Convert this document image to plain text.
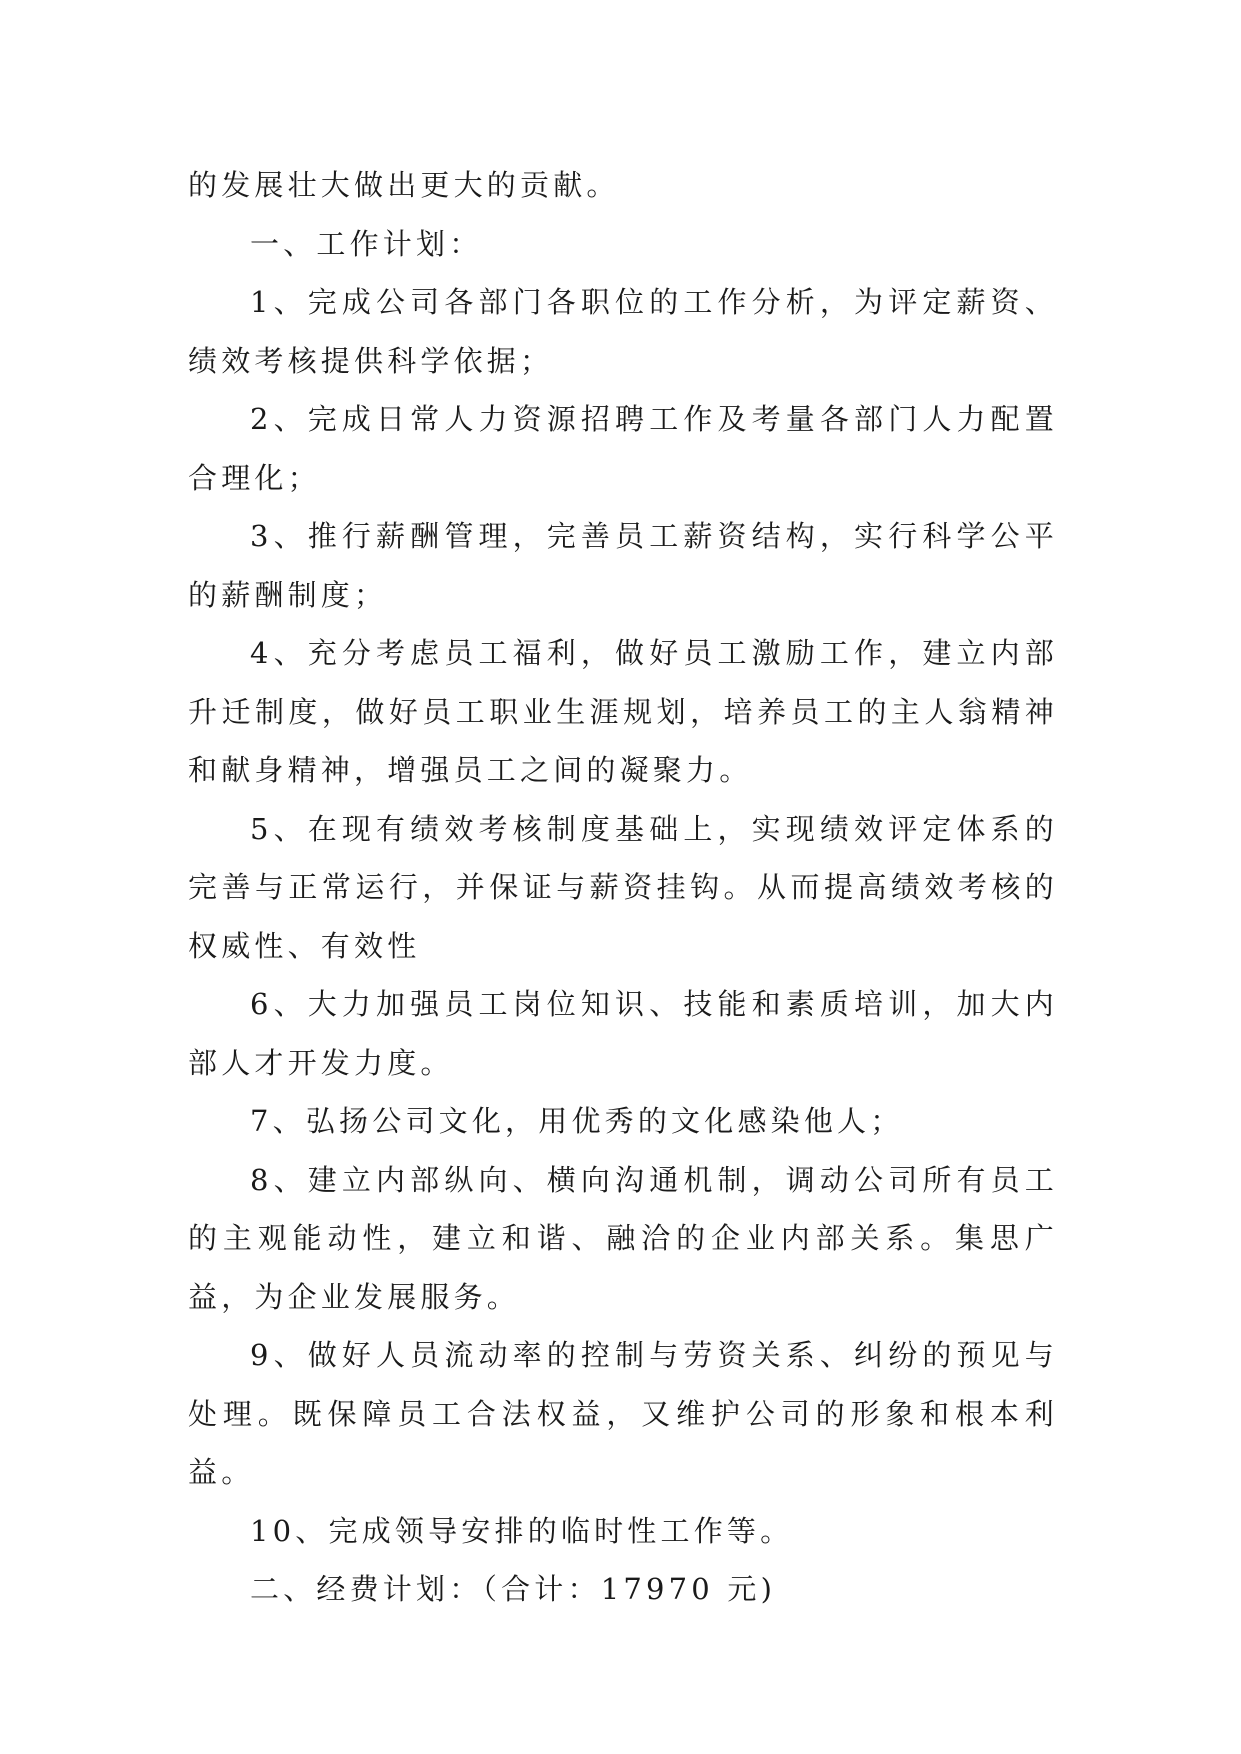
的发展壮大做出更大的贡献。

一、工作计划：

1、完成公司各部门各职位的工作分析，为评定薪资、绩效考核提供科学依据；

2、完成日常人力资源招聘工作及考量各部门人力配置合理化；

3、推行薪酬管理，完善员工薪资结构，实行科学公平的薪酬制度；

4、充分考虑员工福利，做好员工激励工作，建立内部升迁制度，做好员工职业生涯规划，培养员工的主人翁精神和献身精神，增强员工之间的凝聚力。

5、在现有绩效考核制度基础上，实现绩效评定体系的完善与正常运行，并保证与薪资挂钩。从而提高绩效考核的权威性、有效性

6、大力加强员工岗位知识、技能和素质培训，加大内部人才开发力度。

7、弘扬公司文化，用优秀的文化感染他人；

8、建立内部纵向、横向沟通机制，调动公司所有员工的主观能动性，建立和谐、融洽的企业内部关系。集思广益，为企业发展服务。

9、做好人员流动率的控制与劳资关系、纠纷的预见与处理。既保障员工合法权益，又维护公司的形象和根本利益。

10、完成领导安排的临时性工作等。

二、经费计划：（合计：17970 元)
